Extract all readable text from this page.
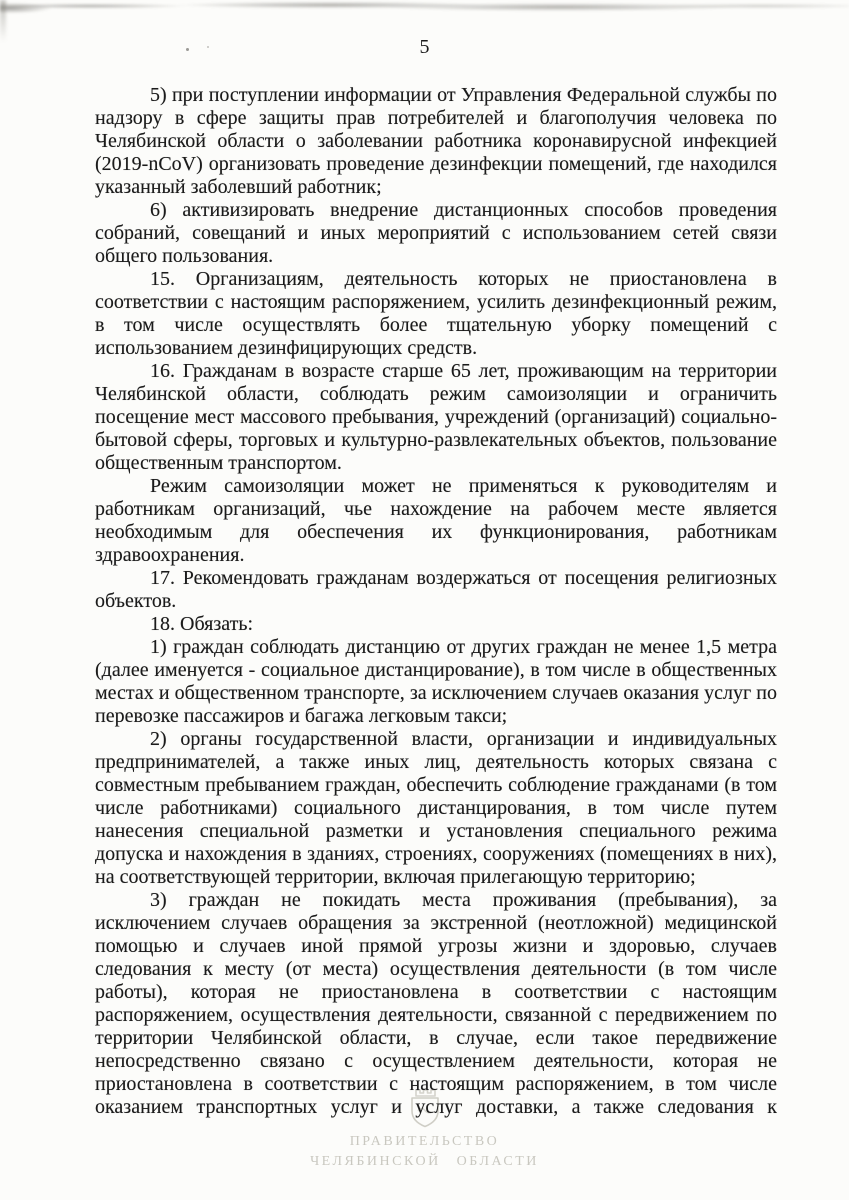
5
ПРАВИТЕЛЬСТВО
ЧЕЛЯБИНСКОЙ ОБЛАСТИ

5) при поступлении информации от Управления Федеральной службы по надзору в сфере защиты прав потребителей и благополучия человека по Челябинской области о заболевании работника коронавирусной инфекцией (2019-nCoV) организовать проведение дезинфекции помещений, где находился указанный заболевший работник;

6) активизировать внедрение дистанционных способов проведения собраний, совещаний и иных мероприятий с использованием сетей связи общего пользования.

15. Организациям, деятельность которых не приостановлена в соответствии с настоящим распоряжением, усилить дезинфекционный режим, в том числе осуществлять более тщательную уборку помещений с использованием дезинфицирующих средств.

16. Гражданам в возрасте старше 65 лет, проживающим на территории Челябинской области, соблюдать режим самоизоляции и ограничить посещение мест массового пребывания, учреждений (организаций) социально-бытовой сферы, торговых и культурно-развлекательных объектов, пользование общественным транспортом.

Режим самоизоляции может не применяться к руководителям и работникам организаций, чье нахождение на рабочем месте является необходимым для обеспечения их функционирования, работникам здравоохранения.

17. Рекомендовать гражданам воздержаться от посещения религиозных объектов.

18. Обязать:

1) граждан соблюдать дистанцию от других граждан не менее 1,5 метра (далее именуется - социальное дистанцирование), в том числе в общественных местах и общественном транспорте, за исключением случаев оказания услуг по перевозке пассажиров и багажа легковым такси;

2) органы государственной власти, организации и индивидуальных предпринимателей, а также иных лиц, деятельность которых связана с совместным пребыванием граждан, обеспечить соблюдение гражданами (в том числе работниками) социального дистанцирования, в том числе путем нанесения специальной разметки и установления специального режима допуска и нахождения в зданиях, строениях, сооружениях (помещениях в них), на соответствующей территории, включая прилегающую территорию;

3) граждан не покидать места проживания (пребывания), за исключением случаев обращения за экстренной (неотложной) медицинской помощью и случаев иной прямой угрозы жизни и здоровью, случаев следования к месту (от места) осуществления деятельности (в том числе работы), которая не приостановлена в соответствии с настоящим распоряжением, осуществления деятельности, связанной с передвижением по территории Челябинской области, в случае, если такое передвижение непосредственно связано с осуществлением деятельности, которая не приостановлена в соответствии с настоящим распоряжением, в том числе оказанием транспортных услуг и услуг доставки, а также следования к
